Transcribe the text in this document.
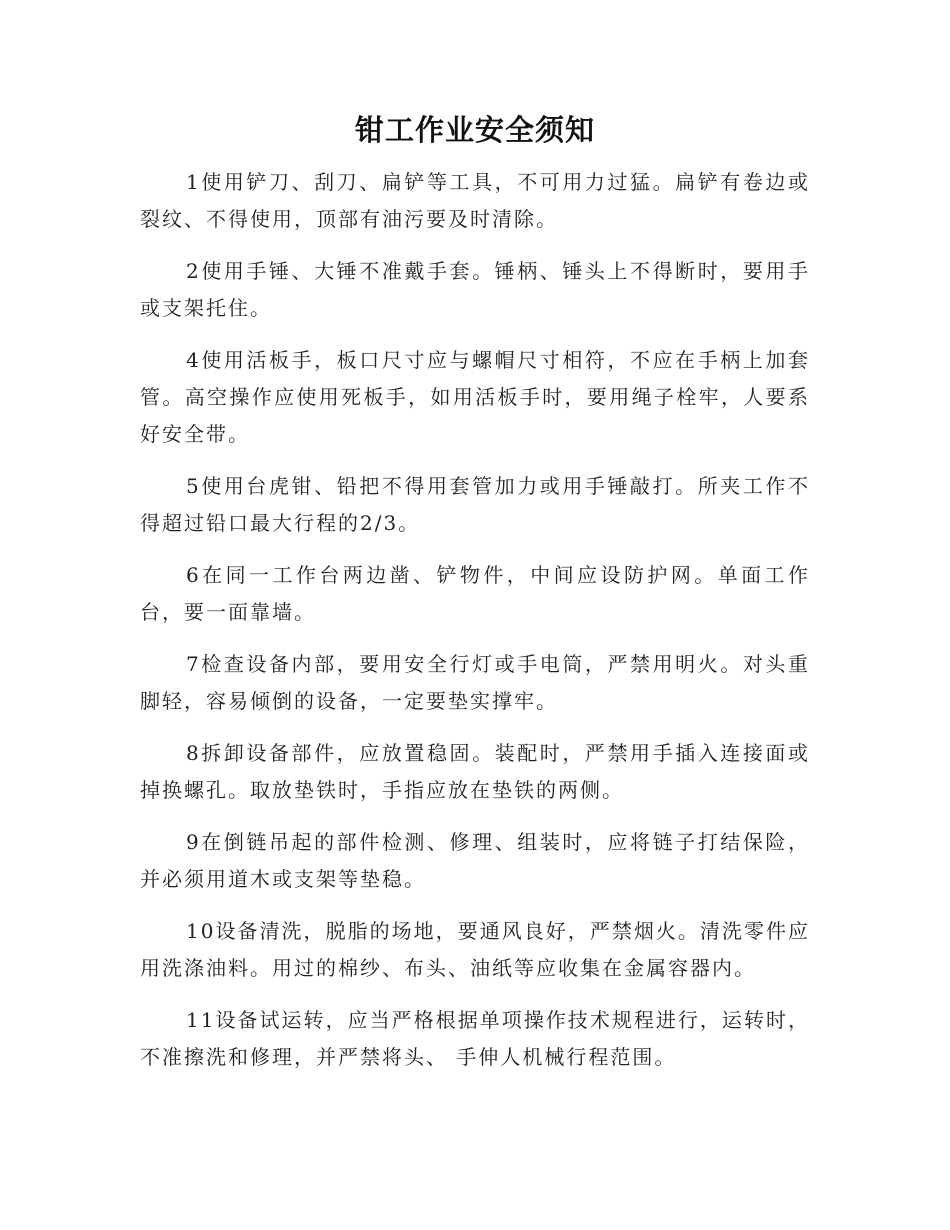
钳工作业安全须知

1使用铲刀、刮刀、扁铲等工具，不可用力过猛。扁铲有卷边或裂纹、不得使用，顶部有油污要及时清除。

2使用手锤、大锤不准戴手套。锤柄、锤头上不得断时，要用手或支架托住。

4使用活板手，板口尺寸应与螺帽尺寸相符，不应在手柄上加套管。高空操作应使用死板手，如用活板手时，要用绳子栓牢，人要系好安全带。

5使用台虎钳、铅把不得用套管加力或用手锤敲打。所夹工作不得超过铅口最大行程的2/3。

6在同一工作台两边凿、铲物件，中间应设防护网。单面工作台，要一面靠墙。

7检查设备内部，要用安全行灯或手电筒，严禁用明火。对头重脚轻，容易倾倒的设备，一定要垫实撑牢。

8拆卸设备部件，应放置稳固。装配时，严禁用手插入连接面或掉换螺孔。取放垫铁时，手指应放在垫铁的两侧。

9在倒链吊起的部件检测、修理、组装时，应将链子打结保险，并必须用道木或支架等垫稳。

10设备清洗，脱脂的场地，要通风良好，严禁烟火。清洗零件应用洗涤油料。用过的棉纱、布头、油纸等应收集在金属容器内。

11设备试运转，应当严格根据单项操作技术规程进行，运转时，不准擦洗和修理，并严禁将头、 手伸人机械行程范围。
